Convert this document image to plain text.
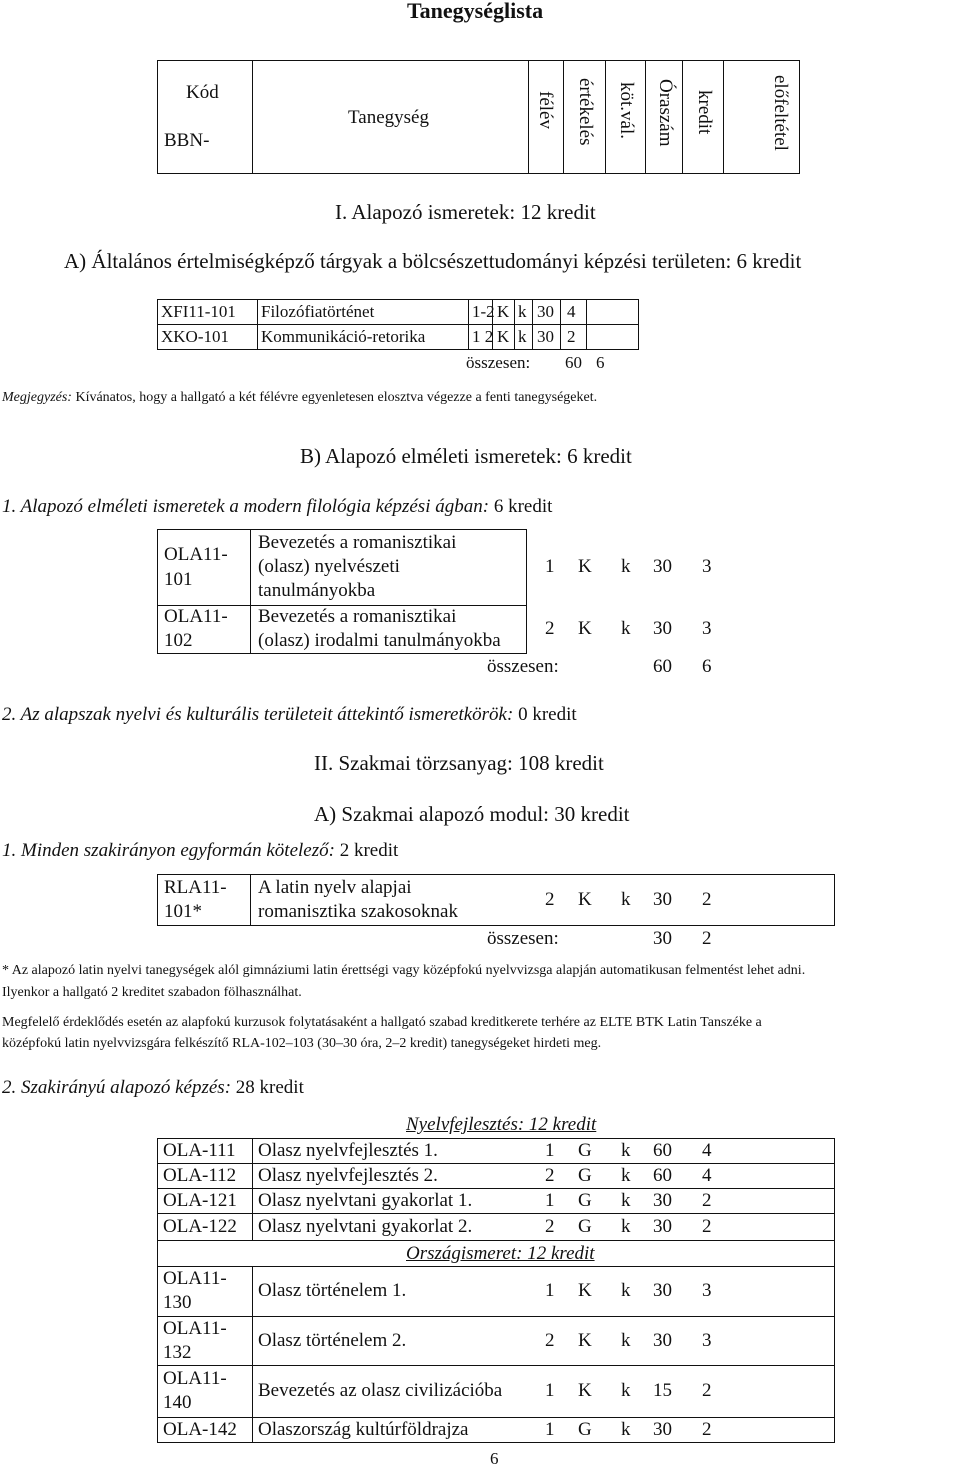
Tanegységlista
Kód
BBN-
Tanegység	félév értékelés köt.vál. Óraszám kredit	előfeltétel
I. Alapozó ismeretek: 12 kredit
A) Általános értelmiségképző tárgyak a bölcsészettudományi képzési területen: 6 kredit
XFI11-101 Filozófiatörténet	1-2 K k 30 4
XKO-101 Kommunikáció-retorika	1 2 K k 30 2
összesen: 60 6
Megjegyzés: Kívánatos, hogy a hallgató a két félévre egyenletesen elosztva végezze a fenti tanegységeket.
B) Alapozó elméleti ismeretek: 6 kredit
1. Alapozó elméleti ismeretek a modern filológia képzési ágban: 6 kredit
OLA11-
101
Bevezetés a romanisztikai
(olasz) nyelvészeti
tanulmányokba
1 K k 30 3
OLA11-
102
Bevezetés a romanisztikai
(olasz) irodalmi tanulmányokba
2 K k 30 3
összesen:	60 6
2. Az alapszak nyelvi és kulturális területeit áttekintő ismeretkörök: 0 kredit
II. Szakmai törzsanyag: 108 kredit
A) Szakmai alapozó modul: 30 kredit
1. Minden szakirányon egyformán kötelező: 2 kredit
RLA11-
101*
A latin nyelv alapjai
romanisztika szakosoknak
2 K k 30 2
összesen:	30 2
* Az alapozó latin nyelvi tanegységek alól gimnáziumi latin érettségi vagy középfokú nyelvvizsga alapján automatikusan felmentést lehet adni.
Ilyenkor a hallgató 2 kreditet szabadon fölhasználhat.
Megfelelő érdeklődés esetén az alapfokú kurzusok folytatásaként a hallgató szabad kreditkerete terhére az ELTE BTK Latin Tanszéke a
középfokú latin nyelvvizsgára felkészítő RLA-102–103 (30–30 óra, 2–2 kredit) tanegységeket hirdeti meg.
2. Szakirányú alapozó képzés: 28 kredit
Nyelvfejlesztés: 12 kredit
OLA-111 Olasz nyelvfejlesztés 1.	1 G k 60 4
OLA-112 Olasz nyelvfejlesztés 2.	2 G k 60 4
OLA-121 Olasz nyelvtani gyakorlat 1.	1 G k 30 2
OLA-122 Olasz nyelvtani gyakorlat 2.	2 G k 30 2
Országismeret: 12 kredit
OLA11-
130
Olasz történelem 1.	1 K k 30 3
OLA11-
132
Olasz történelem 2.	2 K k 30 3
OLA11-
140
Bevezetés az olasz civilizációba 1 K k 15 2
OLA-142 Olaszország kultúrföldrajza	1 G k 30 2
6
